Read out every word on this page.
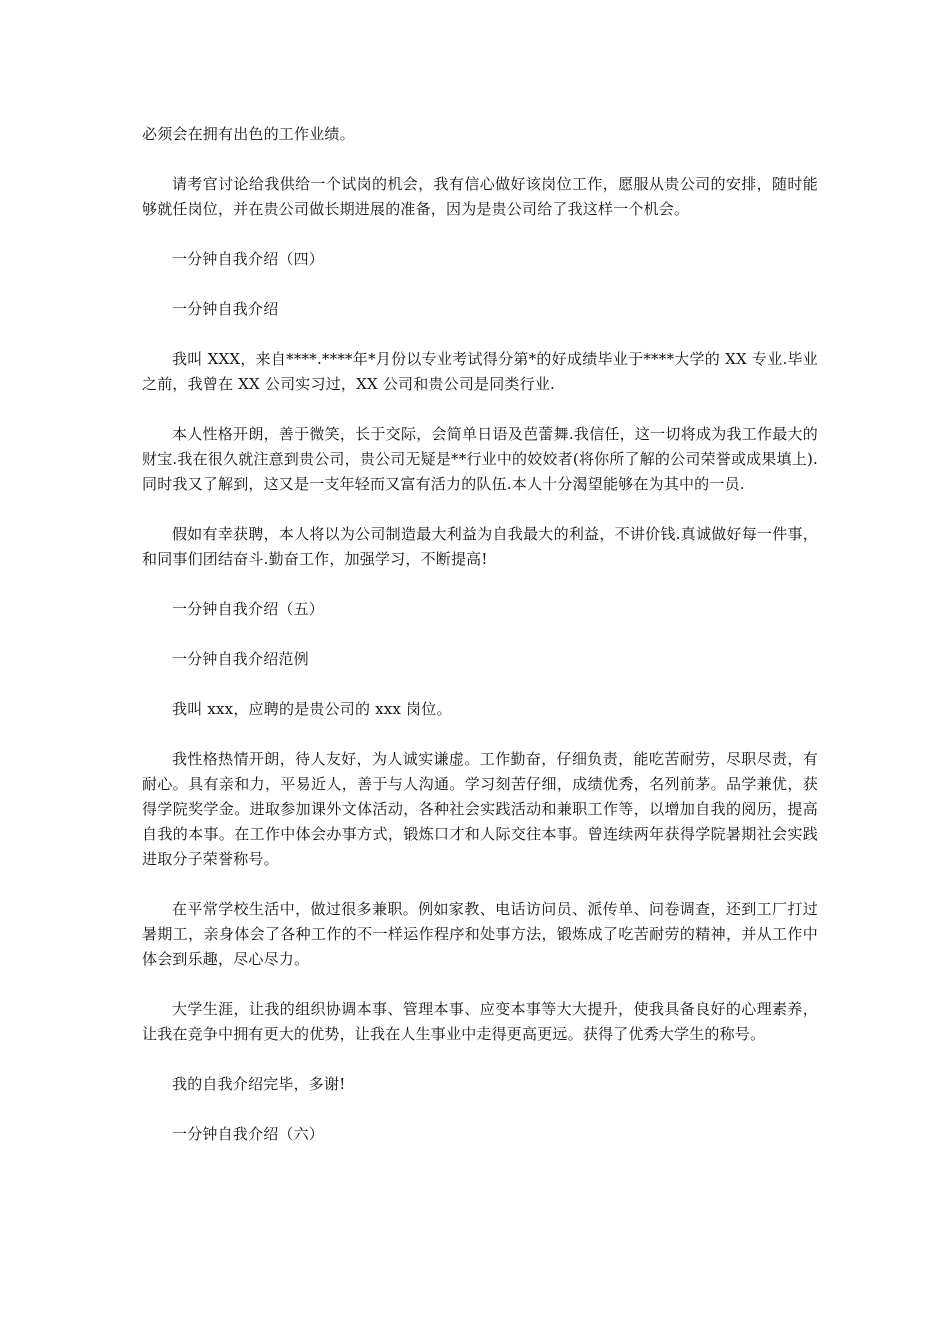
必须会在拥有出色的工作业绩。

请考官讨论给我供给一个试岗的机会，我有信心做好该岗位工作，愿服从贵公司的安排，随时能够就任岗位，并在贵公司做长期进展的准备，因为是贵公司给了我这样一个机会。

一分钟自我介绍（四）

一分钟自我介绍

我叫 XXX，来自****.****年*月份以专业考试得分第*的好成绩毕业于****大学的 XX 专业.毕业之前，我曾在 XX 公司实习过，XX 公司和贵公司是同类行业.

本人性格开朗，善于微笑，长于交际，会简单日语及芭蕾舞.我信任，这一切将成为我工作最大的财宝.我在很久就注意到贵公司，贵公司无疑是**行业中的姣姣者(将你所了解的公司荣誉或成果填上).同时我又了解到，这又是一支年轻而又富有活力的队伍.本人十分渴望能够在为其中的一员.

假如有幸获聘，本人将以为公司制造最大利益为自我最大的利益，不讲价钱.真诚做好每一件事，和同事们团结奋斗.勤奋工作，加强学习，不断提高!

一分钟自我介绍（五）

一分钟自我介绍范例

我叫 xxx，应聘的是贵公司的 xxx 岗位。

我性格热情开朗，待人友好，为人诚实谦虚。工作勤奋，仔细负责，能吃苦耐劳，尽职尽责，有耐心。具有亲和力，平易近人，善于与人沟通。学习刻苦仔细，成绩优秀，名列前茅。品学兼优，获得学院奖学金。进取参加课外文体活动，各种社会实践活动和兼职工作等，以增加自我的阅历，提高自我的本事。在工作中体会办事方式，锻炼口才和人际交往本事。曾连续两年获得学院暑期社会实践进取分子荣誉称号。

在平常学校生活中，做过很多兼职。例如家教、电话访问员、派传单、问卷调查，还到工厂打过暑期工，亲身体会了各种工作的不一样运作程序和处事方法，锻炼成了吃苦耐劳的精神，并从工作中体会到乐趣，尽心尽力。

大学生涯，让我的组织协调本事、管理本事、应变本事等大大提升，使我具备良好的心理素养，让我在竞争中拥有更大的优势，让我在人生事业中走得更高更远。获得了优秀大学生的称号。

我的自我介绍完毕，多谢!

一分钟自我介绍（六）
